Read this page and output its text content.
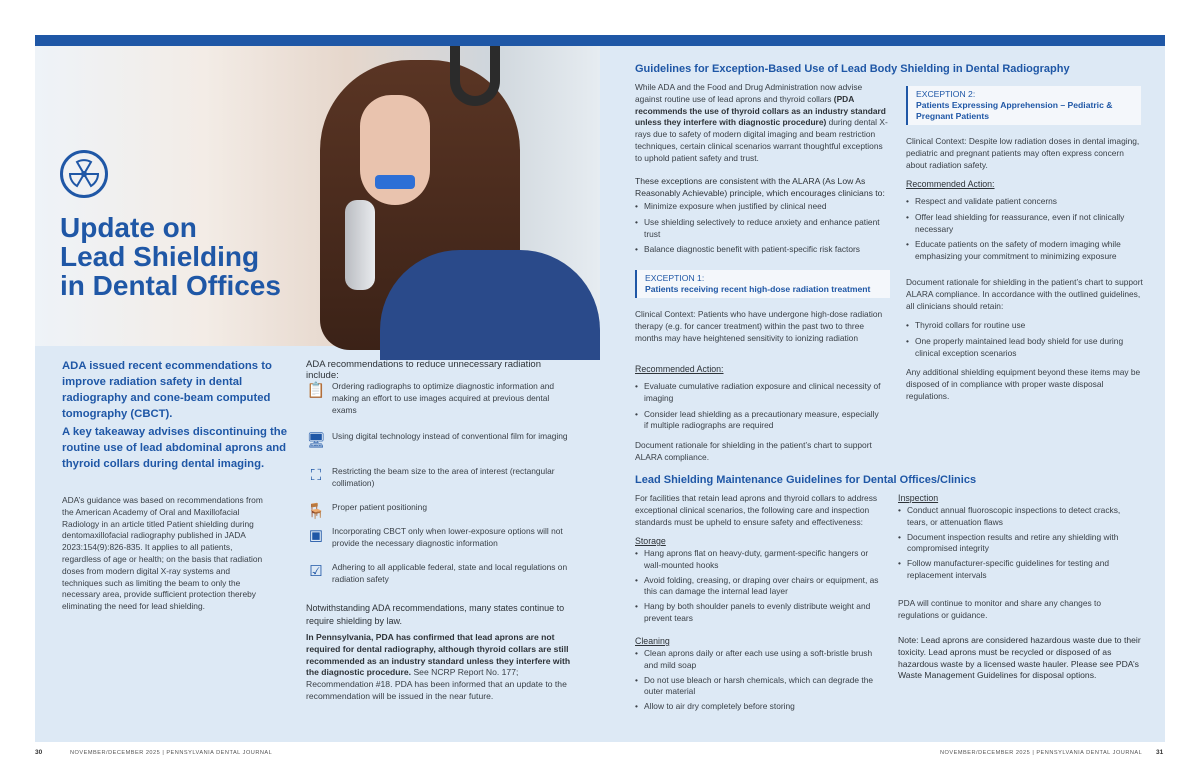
Update on
Lead Shielding
in Dental Offices
ADA issued recent ecommendations to improve radiation safety in dental radiography and cone-beam computed tomography (CBCT).
A key takeaway advises discontinuing the routine use of lead abdominal aprons and thyroid collars during dental imaging.
ADA’s guidance was based on recommendations from the American Academy of Oral and Maxillofacial Radiology in an article titled Patient shielding during dentomaxillofacial radiography published in JADA 2023:154(9):826-835. It applies to all patients, regardless of age or health; on the basis that radiation doses from modern digital X-ray systems and techniques such as limiting the beam to only the necessary area, provide sufficient protection thereby eliminating the need for lead shielding.
ADA recommendations to reduce unnecessary radiation include:
📋 Ordering radiographs to optimize diagnostic information and making an effort to use images acquired at previous dental exams
🖥 Using digital technology instead of conventional film for imaging
⛶	Restricting the beam size to the area of interest (rectangular collimation)
🪑 Proper patient positioning
▣	Incorporating CBCT only when lower-exposure options will not provide the necessary diagnostic information
☑	Adhering to all applicable federal, state and local regulations on radiation safety
Notwithstanding ADA recommendations, many states continue to require shielding by law.
In Pennsylvania, PDA has confirmed that lead aprons are not required for dental radiography, although thyroid collars are still recommended as an industry standard unless they interfere with the diagnostic procedure. See NCRP Report No. 177; Recommendation #18. PDA has been informed that an update to the recommendation will be issued in the near future.
Guidelines for Exception-Based Use of Lead Body Shielding in Dental Radiography
While ADA and the Food and Drug Administration now advise against routine use of lead aprons and thyroid collars (PDA recommends the use of thyroid collars as an industry standard unless they interfere with diagnostic procedure) during dental X-rays due to safety of modern digital imaging and beam restriction techniques, certain clinical scenarios warrant thoughtful exceptions to uphold patient safety and trust.
These exceptions are consistent with the ALARA (As Low As Reasonably Achievable) principle, which encourages clinicians to:
• Minimize exposure when justified by clinical need
• Use shielding selectively to reduce anxiety and enhance patient trust
• Balance diagnostic benefit with patient-specific risk factors
EXCEPTION 1:
Patients receiving recent high-dose radiation treatment
Clinical Context: Patients who have undergone high-dose radiation therapy (e.g. for cancer treatment) within the past two to three months may have heightened sensitivity to ionizing radiation
Recommended Action:
• Evaluate cumulative radiation exposure and clinical necessity of imaging
• Consider lead shielding as a precautionary measure, especially if multiple radiographs are required
Document rationale for shielding in the patient’s chart to support ALARA compliance.
EXCEPTION 2:
Patients Expressing Apprehension – Pediatric & Pregnant Patients
Clinical Context: Despite low radiation doses in dental imaging, pediatric and pregnant patients may often express concern about radiation safety.
Recommended Action:
• Respect and validate patient concerns
• Offer lead shielding for reassurance, even if not clinically necessary
• Educate patients on the safety of modern imaging while emphasizing your commitment to minimizing exposure
Document rationale for shielding in the patient’s chart to support ALARA compliance. In accordance with the outlined guidelines, all clinicians should retain:
• Thyroid collars for routine use
• One properly maintained lead body shield for use during clinical exception scenarios
Any additional shielding equipment beyond these items may be disposed of in compliance with proper waste disposal regulations.
Lead Shielding Maintenance Guidelines for Dental Offices/Clinics
For facilities that retain lead aprons and thyroid collars to address exceptional clinical scenarios, the following care and inspection standards must be upheld to ensure safety and effectiveness:
Storage
• Hang aprons flat on heavy-duty, garment-specific hangers or wall-mounted hooks
• Avoid folding, creasing, or draping over chairs or equipment, as this can damage the internal lead layer
• Hang by both shoulder panels to evenly distribute weight and prevent tears
Cleaning
• Clean aprons daily or after each use using a soft-bristle brush and mild soap
• Do not use bleach or harsh chemicals, which can degrade the outer material
• Allow to air dry completely before storing
Inspection
• Conduct annual fluoroscopic inspections to detect cracks, tears, or attenuation flaws
• Document inspection results and retire any shielding with compromised integrity
• Follow manufacturer-specific guidelines for testing and replacement intervals
PDA will continue to monitor and share any changes to regulations or guidance.
Note: Lead aprons are considered hazardous waste due to their toxicity. Lead aprons must be recycled or disposed of as hazardous waste by a licensed waste hauler. Please see PDA’s Waste Management Guidelines for disposal options.
30	NOVEMBER/DECEMBER 2025 | PENNSYLVANIA DENTAL JOURNAL	NOVEMBER/DECEMBER 2025 | PENNSYLVANIA DENTAL JOURNAL 31
